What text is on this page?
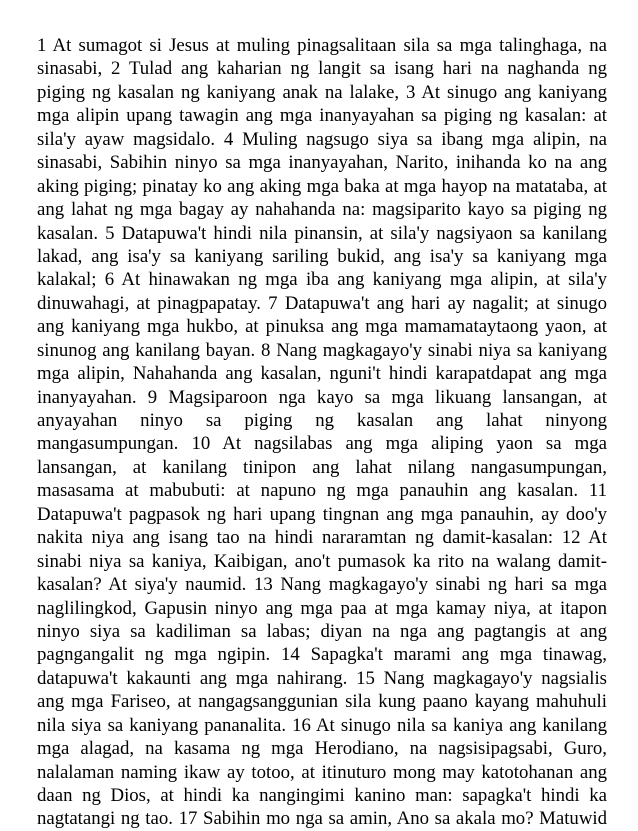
1 At sumagot si Jesus at muling pinagsalitaan sila sa mga talinghaga, na
sinasabi, 2 Tulad ang kaharian ng langit sa isang hari na naghanda ng
piging ng kasalan ng kaniyang anak na lalake, 3 At sinugo ang kaniyang
mga alipin upang tawagin ang mga inanyayahan sa piging ng kasalan: at
sila'y ayaw magsidalo. 4 Muling nagsugo siya sa ibang mga alipin, na
sinasabi, Sabihin ninyo sa mga inanyayahan, Narito, inihanda ko na ang
aking piging; pinatay ko ang aking mga baka at mga hayop na matataba, at
ang lahat ng mga bagay ay nahahanda na: magsiparito kayo sa piging ng
kasalan. 5 Datapuwa't hindi nila pinansin, at sila'y nagsiyaon sa kanilang
lakad, ang isa'y sa kaniyang sariling bukid, ang isa'y sa kaniyang mga
kalakal; 6 At hinawakan ng mga iba ang kaniyang mga alipin, at sila'y
dinuwahagi, at pinagpapatay. 7 Datapuwa't ang hari ay nagalit; at sinugo
ang kaniyang mga hukbo, at pinuksa ang mga mamamataytaong yaon, at
sinunog ang kanilang bayan. 8 Nang magkagayo'y sinabi niya sa kaniyang
mga alipin, Nahahanda ang kasalan, nguni't hindi karapatdapat ang mga
inanyayahan. 9 Magsiparoon nga kayo sa mga likuang lansangan, at
anyayahan ninyo sa piging ng kasalan ang lahat ninyong
mangasumpungan. 10 At nagsilabas ang mga aliping yaon sa mga
lansangan, at kanilang tinipon ang lahat nilang nangasumpungan,
masasama at mabubuti: at napuno ng mga panauhin ang kasalan. 11
Datapuwa't pagpasok ng hari upang tingnan ang mga panauhin, ay doo'y
nakita niya ang isang tao na hindi nararamtan ng damit-kasalan: 12 At
sinabi niya sa kaniya, Kaibigan, ano't pumasok ka rito na walang damit-
kasalan? At siya'y naumid. 13 Nang magkagayo'y sinabi ng hari sa mga
naglilingkod, Gapusin ninyo ang mga paa at mga kamay niya, at itapon
ninyo siya sa kadiliman sa labas; diyan na nga ang pagtangis at ang
pagngangalit ng mga ngipin. 14 Sapagka't marami ang mga tinawag,
datapuwa't kakaunti ang mga nahirang. 15 Nang magkagayo'y nagsialis
ang mga Fariseo, at nangagsanggunian sila kung paano kayang mahuhuli
nila siya sa kaniyang pananalita. 16 At sinugo nila sa kaniya ang kanilang
mga alagad, na kasama ng mga Herodiano, na nagsisipagsabi, Guro,
nalalaman naming ikaw ay totoo, at itinuturo mong may katotohanan ang
daan ng Dios, at hindi ka nangingimi kanino man: sapagka't hindi ka
nagtatangi ng tao. 17 Sabihin mo nga sa amin, Ano sa akala mo? Matuwid
